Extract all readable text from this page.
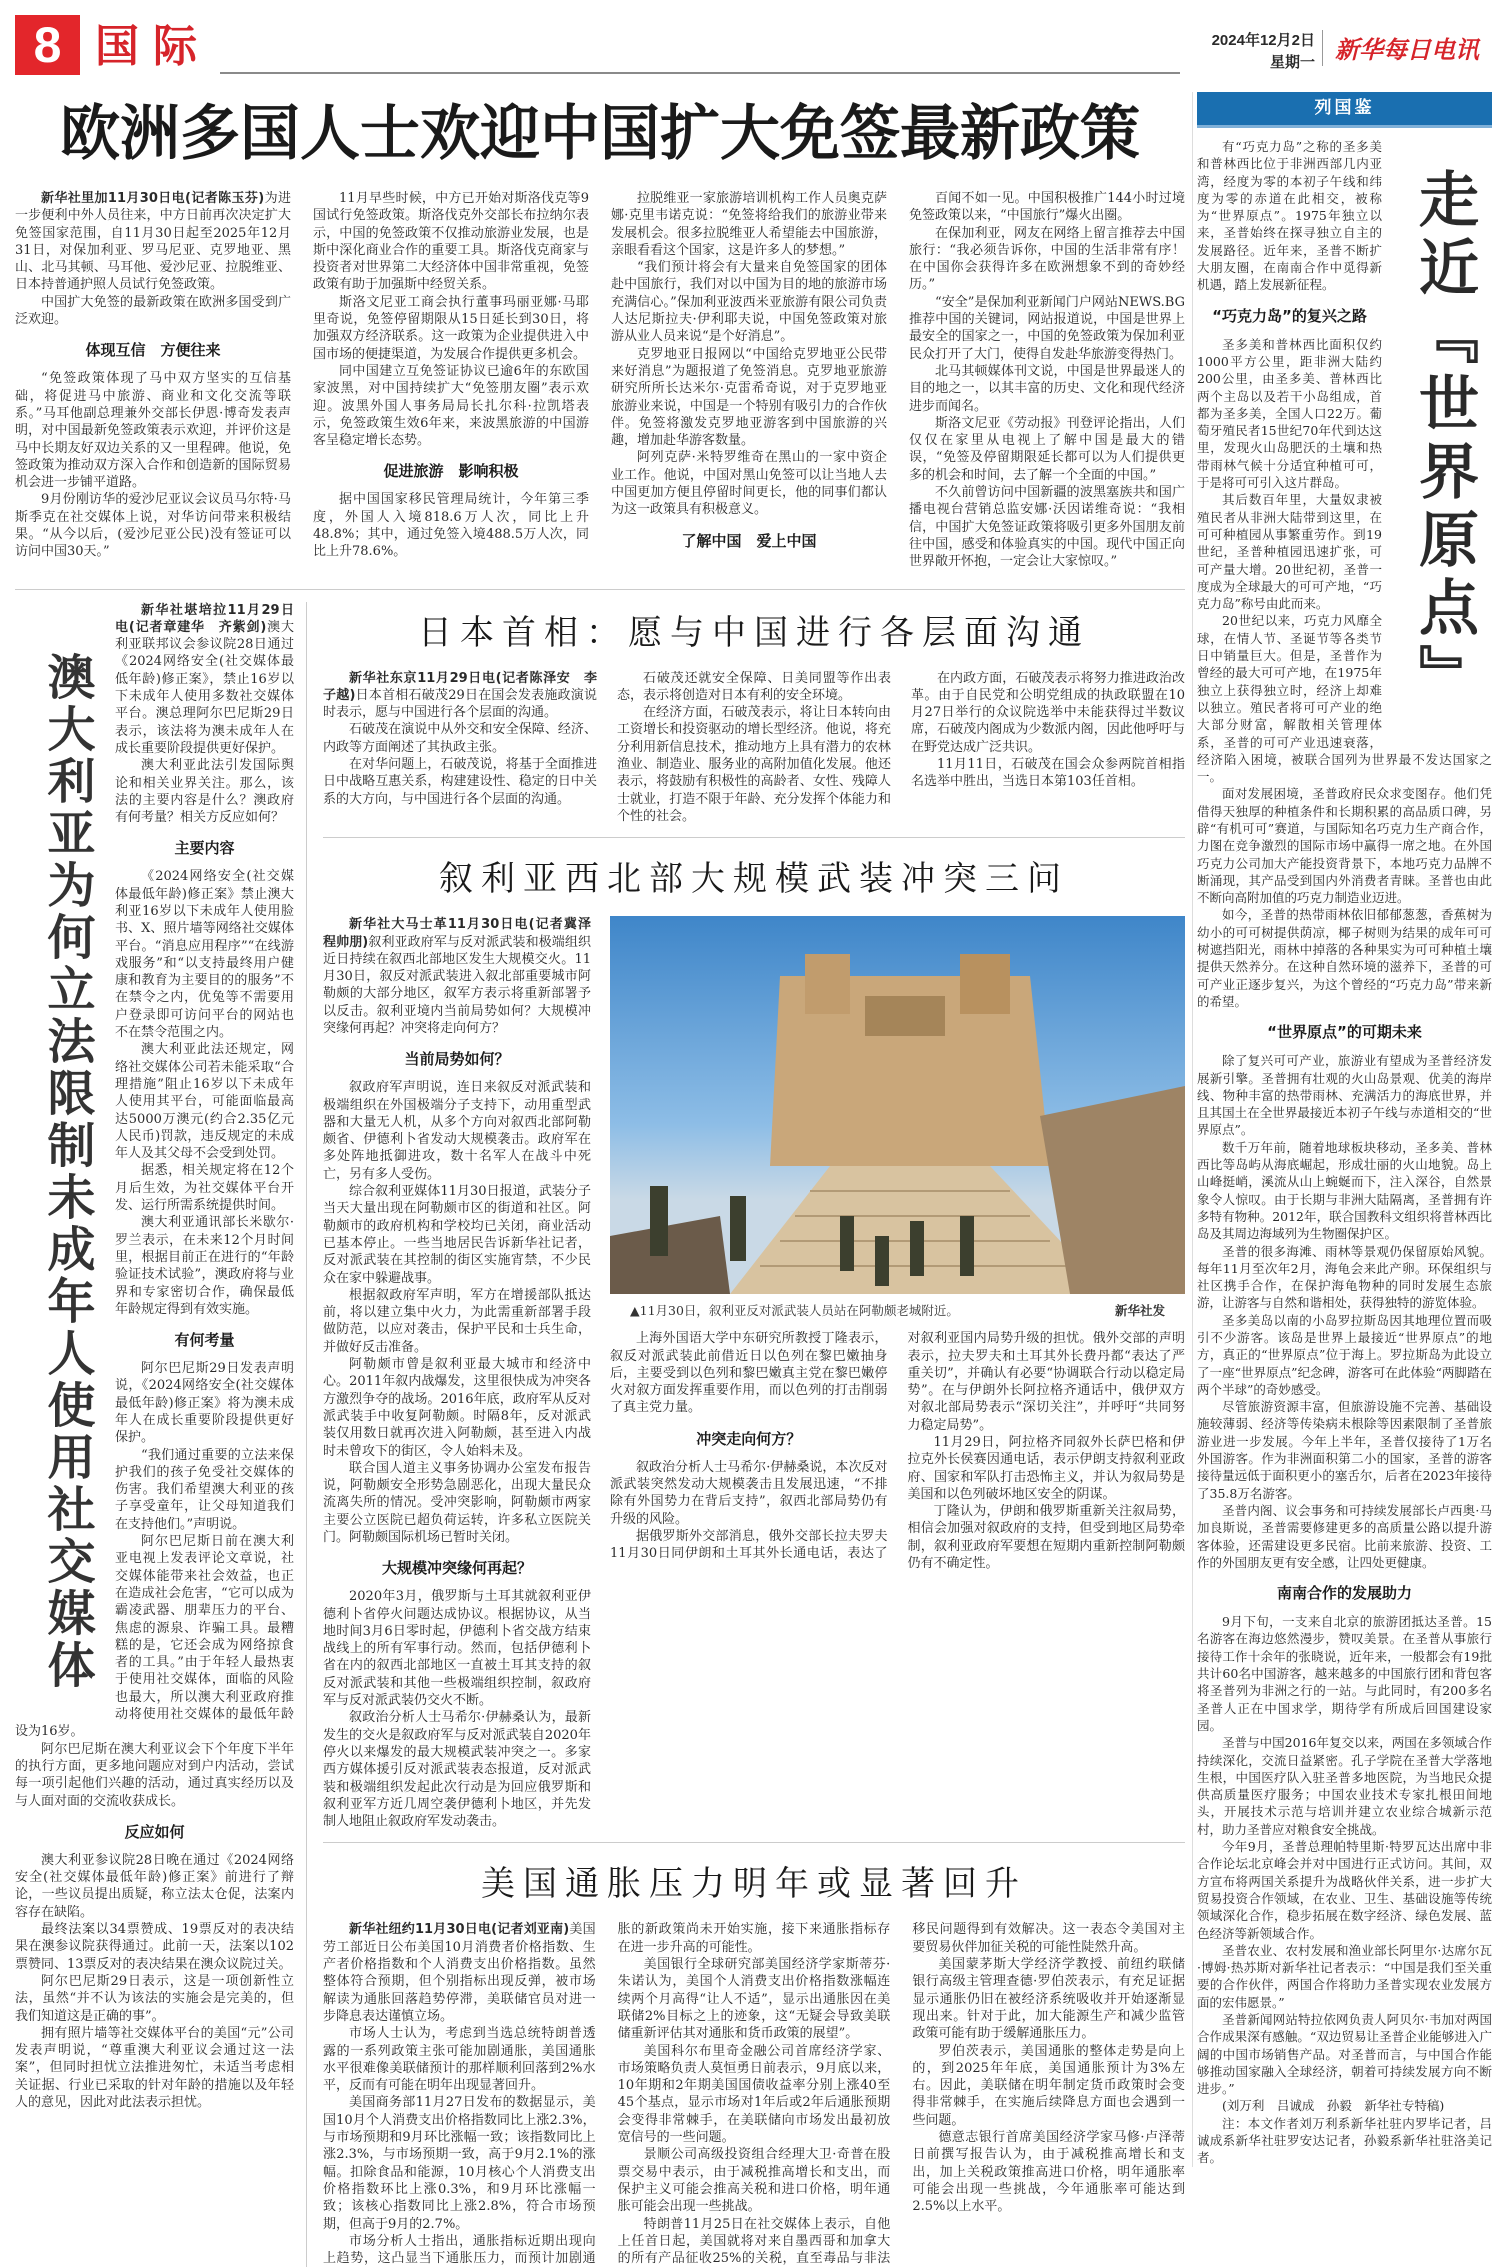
8 国际	2024年12月2日
星期一 新华每日电讯
欧洲多国人士欢迎中国扩大免签最新政策

新华社里加11月30日电(记者陈玉芬)为进一步便利中外人员往来，中方日前再次决定扩大免签国家范围，自11月30日起至2025年12月31日，对保加利亚、罗马尼亚、克罗地亚、黑山、北马其顿、马耳他、爱沙尼亚、拉脱维亚、日本持普通护照人员试行免签政策。

中国扩大免签的最新政策在欧洲多国受到广泛欢迎。

体现互信　方便往来

“免签政策体现了马中双方坚实的互信基础，将促进马中旅游、商业和文化交流等联系。”马耳他副总理兼外交部长伊恩·博奇发表声明，对中国最新免签政策表示欢迎，并评价这是马中长期友好双边关系的又一里程碑。他说，免签政策为推动双方深入合作和创造新的国际贸易机会进一步铺平道路。

9月份刚访华的爱沙尼亚议会议员马尔特·马斯季克在社交媒体上说，对华访问带来积极结果。“从今以后，(爱沙尼亚公民)没有签证可以访问中国30天。”

11月早些时候，中方已开始对斯洛伐克等9国试行免签政策。斯洛伐克外交部长布拉纳尔表示，中国的免签政策不仅推动旅游业发展，也是斯中深化商业合作的重要工具。斯洛伐克商家与投资者对世界第二大经济体中国非常重视，免签政策有助于加强斯中经贸关系。

斯洛文尼亚工商会执行董事玛丽亚娜·马耶里奇说，免签停留期限从15日延长到30日，将加强双方经济联系。这一政策为企业提供进入中国市场的便捷渠道，为发展合作提供更多机会。

同中国建立互免签证协议已逾6年的东欧国家波黑，对中国持续扩大“免签朋友圈”表示欢迎。波黑外国人事务局局长扎尔科·拉凯塔表示，免签政策生效6年来，来波黑旅游的中国游客呈稳定增长态势。

促进旅游　影响积极

据中国国家移民管理局统计，今年第三季度，外国人入境818.6万人次，同比上升48.8%；其中，通过免签入境488.5万人次，同比上升78.6%。

拉脱维亚一家旅游培训机构工作人员奥克萨娜·克里韦诺克说：“免签将给我们的旅游业带来发展机会。很多拉脱维亚人希望能去中国旅游，亲眼看看这个国家，这是许多人的梦想。”

“我们预计将会有大量来自免签国家的团体赴中国旅行，我们对以中国为目的地的旅游市场充满信心。”保加利亚波西米亚旅游有限公司负责人达尼斯拉夫·伊利耶夫说，中国免签政策对旅游从业人员来说“是个好消息”。

克罗地亚日报网以“中国给克罗地亚公民带来好消息”为题报道了免签消息。克罗地亚旅游研究所所长达米尔·克雷希奇说，对于克罗地亚旅游业来说，中国是一个特别有吸引力的合作伙伴。免签将激发克罗地亚游客到中国旅游的兴趣，增加赴华游客数量。

阿列克萨·米特罗维奇在黑山的一家中资企业工作。他说，中国对黑山免签可以让当地人去中国更加方便且停留时间更长，他的同事们都认为这一政策具有积极意义。

了解中国　爱上中国

百闻不如一见。中国积极推广144小时过境免签政策以来，“中国旅行”爆火出圈。

在保加利亚，网友在网络上留言推荐去中国旅行：“我必须告诉你，中国的生活非常有序！在中国你会获得许多在欧洲想象不到的奇妙经历。”

“安全”是保加利亚新闻门户网站NEWS.BG推荐中国的关键词，网站报道说，中国是世界上最安全的国家之一，中国的免签政策为保加利亚民众打开了大门，使得自发赴华旅游变得热门。

北马其顿媒体刊文说，中国是世界最迷人的目的地之一，以其丰富的历史、文化和现代经济进步而闻名。

斯洛文尼亚《劳动报》刊登评论指出，人们仅仅在家里从电视上了解中国是最大的错误，“免签及停留期限延长都可以为人们提供更多的机会和时间，去了解一个全面的中国。”

不久前曾访问中国新疆的波黑塞族共和国广播电视台营销总监安娜·沃因诺维奇说：“我相信，中国扩大免签证政策将吸引更多外国朋友前往中国，感受和体验真实的中国。现代中国正向世界敞开怀抱，一定会让大家惊叹。”

澳大利亚为何立法限制未成年人使用社交媒体

新华社堪培拉11月29日电(记者章建华　齐紫剑)澳大利亚联邦议会参议院28日通过《2024网络安全(社交媒体最低年龄)修正案》，禁止16岁以下未成年人使用多数社交媒体平台。澳总理阿尔巴尼斯29日表示，该法将为澳未成年人在成长重要阶段提供更好保护。

澳大利亚此法引发国际舆论和相关业界关注。那么，该法的主要内容是什么？澳政府有何考量？相关方反应如何？

主要内容

《2024网络安全(社交媒体最低年龄)修正案》禁止澳大利亚16岁以下未成年人使用脸书、X、照片墙等网络社交媒体平台。“消息应用程序”“在线游戏服务”和“以支持最终用户健康和教育为主要目的的服务”不在禁令之内，优兔等不需要用户登录即可访问平台的网站也不在禁令范围之内。

澳大利亚此法还规定，网络社交媒体公司若未能采取“合理措施”阻止16岁以下未成年人使用其平台，可能面临最高达5000万澳元(约合2.35亿元人民币)罚款，违反规定的未成年人及其父母不会受到处罚。

据悉，相关规定将在12个月后生效，为社交媒体平台开发、运行所需系统提供时间。

澳大利亚通讯部长米歇尔·罗兰表示，在未来12个月时间里，根据目前正在进行的“年龄验证技术试验”，澳政府将与业界和专家密切合作，确保最低年龄规定得到有效实施。

有何考量

阿尔巴尼斯29日发表声明说，《2024网络安全(社交媒体最低年龄)修正案》将为澳未成年人在成长重要阶段提供更好保护。

“我们通过重要的立法来保护我们的孩子免受社交媒体的伤害。我们希望澳大利亚的孩子享受童年，让父母知道我们在支持他们。”声明说。

阿尔巴尼斯日前在澳大利亚电视上发表评论文章说，社交媒体能带来社会效益，也正在造成社会危害，“它可以成为霸凌武器、朋辈压力的平台、焦虑的源泉、诈骗工具。最糟糕的是，它还会成为网络掠食者的工具。”由于年轻人最热衷于使用社交媒体，面临的风险也最大，所以澳大利亚政府推动将使用社交媒体的最低年龄设为16岁。

阿尔巴尼斯在澳大利亚议会下个年度下半年的执行方面，更多地问题应对到户内活动，尝试每一项引起他们兴趣的活动，通过真实经历以及与人面对面的交流收获成长。

反应如何

澳大利亚参议院28日晚在通过《2024网络安全(社交媒体最低年龄)修正案》前进行了辩论，一些议员提出质疑，称立法太仓促，法案内容存在缺陷。

最终法案以34票赞成、19票反对的表决结果在澳参议院获得通过。此前一天，法案以102票赞同、13票反对的表决结果在澳众议院过关。

阿尔巴尼斯29日表示，这是一项创新性立法，虽然“并不认为该法的实施会是完美的，但我们知道这是正确的事”。

拥有照片墙等社交媒体平台的美国“元”公司发表声明说，“尊重澳大利亚议会通过这一法案”，但同时担忧立法推进匆忙，未适当考虑相关证据、行业已采取的针对年龄的措施以及年轻人的意见，因此对此法表示担忧。

日本首相：愿与中国进行各层面沟通

新华社东京11月29日电(记者陈泽安　李子越)日本首相石破茂29日在国会发表施政演说时表示，愿与中国进行各个层面的沟通。

石破茂在演说中从外交和安全保障、经济、内政等方面阐述了其执政主张。

在对华问题上，石破茂说，将基于全面推进日中战略互惠关系，构建建设性、稳定的日中关系的大方向，与中国进行各个层面的沟通。

石破茂还就安全保障、日美同盟等作出表态，表示将创造对日本有利的安全环境。

在经济方面，石破茂表示，将让日本转向由工资增长和投资驱动的增长型经济。他说，将充分利用新信息技术，推动地方上具有潜力的农林渔业、制造业、服务业的高附加值化发展。他还表示，将鼓励有积极性的高龄者、女性、残障人士就业，打造不限于年龄、充分发挥个体能力和个性的社会。

在内政方面，石破茂表示将努力推进政治改革。由于自民党和公明党组成的执政联盟在10月27日举行的众议院选举中未能获得过半数议席，石破茂内阁成为少数派内阁，因此他呼吁与在野党达成广泛共识。

11月11日，石破茂在国会众参两院首相指名选举中胜出，当选日本第103任首相。

叙利亚西北部大规模武装冲突三问

新华社大马士革11月30日电(记者冀泽　程帅朋)叙利亚政府军与反对派武装和极端组织近日持续在叙西北部地区发生大规模交火。11月30日，叙反对派武装进入叙北部重要城市阿勒颇的大部分地区，叙军方表示将重新部署予以反击。叙利亚境内当前局势如何？大规模冲突缘何再起？冲突将走向何方？

当前局势如何？

叙政府军声明说，连日来叙反对派武装和极端组织在外国极端分子支持下，动用重型武器和大量无人机，从多个方向对叙西北部阿勒颇省、伊德利卜省发动大规模袭击。政府军在多处阵地抵御进攻，数十名军人在战斗中死亡，另有多人受伤。

综合叙利亚媒体11月30日报道，武装分子当天大量出现在阿勒颇市区的街道和社区。阿勒颇市的政府机构和学校均已关闭，商业活动已基本停止。一些当地居民告诉新华社记者，反对派武装在其控制的街区实施宵禁，不少民众在家中躲避战事。

根据叙政府军声明，军方在增援部队抵达前，将以建立集中火力，为此需重新部署手段做防范，以应对袭击，保护平民和士兵生命，并做好反击准备。

阿勒颇市曾是叙利亚最大城市和经济中心。2011年叙内战爆发，这里很快成为冲突各方激烈争夺的战场。2016年底，政府军从反对派武装手中收复阿勒颇。时隔8年，反对派武装仅用数日就再次进入阿勒颇，甚至进入内战时未曾攻下的街区，令人始料未及。

联合国人道主义事务协调办公室发布报告说，阿勒颇安全形势急剧恶化，出现大量民众流离失所的情况。受冲突影响，阿勒颇市两家主要公立医院已超负荷运转，许多私立医院关门。阿勒颇国际机场已暂时关闭。

大规模冲突缘何再起？

2020年3月，俄罗斯与土耳其就叙利亚伊德利卜省停火问题达成协议。根据协议，从当地时间3月6日零时起，伊德利卜省交战方结束战线上的所有军事行动。然而，包括伊德利卜省在内的叙西北部地区一直被土耳其支持的叙反对派武装和其他一些极端组织控制，叙政府军与反对派武装仍交火不断。

叙政治分析人士马希尔·伊赫桑认为，最新发生的交火是叙政府军与反对派武装自2020年停火以来爆发的最大规模武装冲突之一。多家西方媒体援引反对派武装表态报道，反对派武装和极端组织发起此次行动是为回应俄罗斯和叙利亚军方近几周空袭伊德利卜地区，并先发制人地阻止叙政府军发动袭击。

▲11月30日，叙利亚反对派武装人员站在阿勒颇老城附近。	新华社发

上海外国语大学中东研究所教授丁隆表示，叙反对派武装此前借近日以色列在黎巴嫩抽身后，主要受到以色列和黎巴嫩真主党在黎巴嫩停火对叙方面发挥重要作用，而以色列的打击削弱了真主党力量。

冲突走向何方？

叙政治分析人士马希尔·伊赫桑说，本次反对派武装突然发动大规模袭击且发展迅速，“不排除有外国势力在背后支持”，叙西北部局势仍有升级的风险。

据俄罗斯外交部消息，俄外交部长拉夫罗夫11月30日同伊朗和土耳其外长通电话，表达了对叙利亚国内局势升级的担忧。俄外交部的声明表示，拉夫罗夫和土耳其外长费丹都“表达了严重关切”，并确认有必要“协调联合行动以稳定局势”。在与伊朗外长阿拉格齐通话中，俄伊双方对叙北部局势表示“深切关注”，并呼吁“共同努力稳定局势”。

11月29日，阿拉格齐同叙外长萨巴格和伊拉克外长侯赛因通电话，表示伊朗支持叙利亚政府、国家和军队打击恐怖主义，并认为叙局势是美国和以色列破坏地区安全的阴谋。

丁隆认为，伊朗和俄罗斯重新关注叙局势，相信会加强对叙政府的支持，但受到地区局势牵制，叙利亚政府军要想在短期内重新控制阿勒颇仍有不确定性。

美国通胀压力明年或显著回升

新华社纽约11月30日电(记者刘亚南)美国劳工部近日公布美国10月消费者价格指数、生产者价格指数和个人消费支出价格指数。虽然整体符合预期，但个别指标出现反弹，被市场解读为通胀回落趋势停滞，美联储官员对进一步降息表达谨慎立场。

市场人士认为，考虑到当选总统特朗普透露的一系列政策主张可能加剧通胀，美国通胀水平很难像美联储预计的那样顺利回落到2%水平，反而有可能在明年出现显著回升。

美国商务部11月27日发布的数据显示，美国10月个人消费支出价格指数同比上涨2.3%，与市场预期和9月环比涨幅一致；该指数同比上涨2.3%，与市场预期一致，高于9月2.1%的涨幅。扣除食品和能源，10月核心个人消费支出价格指数环比上涨0.3%，和9月环比涨幅一致；该核心指数同比上涨2.8%，符合市场预期，但高于9月的2.7%。

市场分析人士指出，通胀指标近期出现向上趋势，这凸显当下通胀压力，而预计加剧通胀的新政策尚未开始实施，接下来通胀指标存在进一步升高的可能性。

美国银行全球研究部美国经济学家斯蒂芬·朱诺认为，美国个人消费支出价格指数涨幅连续两个月高得“让人不适”，显示出通胀因在美联储2%目标之上的迹象，这“无疑会导致美联储重新评估其对通胀和货币政策的展望”。

美国科尔布里奇金融公司首席经济学家、市场策略负责人莫恒勇日前表示，9月底以来，10年期和2年期美国国债收益率分别上涨40至45个基点，显示市场对1年后或2年后通胀预期会变得非常棘手，在美联储向市场发出最初放宽信号的一些问题。

景顺公司高级投资组合经理大卫·奇普在股票交易中表示，由于减税推高增长和支出，而保护主义可能会推高关税和进口价格，明年通胀可能会出现一些挑战。

特朗普11月25日在社交媒体上表示，自他上任首日起，美国就将对来自墨西哥和加拿大的所有产品征收25%的关税，直至毒品与非法移民问题得到有效解决。这一表态令美国对主要贸易伙伴加征关税的可能性陡然升高。

美国蒙茅斯大学经济学教授、前纽约联储银行高级主管理查德·罗伯茨表示，有充足证据显示通胀仍旧在被经济系统吸收并开始逐渐显现出来。针对于此，加大能源生产和减少监管政策可能有助于缓解通胀压力。

罗伯茨表示，美国通胀的整体走势是向上的，到2025年年底，美国通胀预计为3%左右。因此，美联储在明年制定货币政策时会变得非常棘手，在实施后续降息方面也会遇到一些问题。

德意志银行首席美国经济学家马修·卢泽蒂日前撰写报告认为，由于减税推高增长和支出，加上关税政策推高进口价格，明年通胀率可能会出现一些挑战，今年通胀率可能达到2.5%以上水平。

列国鉴
走近『世界原点』

有“巧克力岛”之称的圣多美和普林西比位于非洲西部几内亚湾，经度为零的本初子午线和纬度为零的赤道在此相交，被称为“世界原点”。1975年独立以来，圣普始终在探寻独立自主的发展路径。近年来，圣普不断扩大朋友圈，在南南合作中觅得新机遇，踏上发展新征程。

“巧克力岛”的复兴之路

圣多美和普林西比面积仅约1000平方公里，距非洲大陆约200公里，由圣多美、普林西比两个主岛以及若干小岛组成，首都为圣多美，全国人口22万。葡萄牙殖民者15世纪70年代到达这里，发现火山岛肥沃的土壤和热带雨林气候十分适宜种植可可，于是将可可引入这片群岛。

其后数百年里，大量奴隶被殖民者从非洲大陆带到这里，在可可种植园从事繁重劳作。到19世纪，圣普种植园迅速扩张，可可产量大增。20世纪初，圣普一度成为全球最大的可可产地，“巧克力岛”称号由此而来。

20世纪以来，巧克力风靡全球，在情人节、圣诞节等各类节日中销量巨大。但是，圣普作为曾经的最大可可产地，在1975年独立上获得独立时，经济上却难以独立。殖民者将可可产业的绝大部分财富，解散相关管理体系，圣普的可可产业迅速衰落，经济陷入困境，被联合国列为世界最不发达国家之一。

面对发展困境，圣普政府民众求变图存。他们凭借得天独厚的种植条件和长期积累的高品质口碑，另辟“有机可可”赛道，与国际知名巧克力生产商合作，力图在竞争激烈的国际市场中赢得一席之地。在外国巧克力公司加大产能投资背景下，本地巧克力品牌不断涌现，其产品受到国内外消费者青睐。圣普也由此不断向高附加值的巧克力制造业迈进。

如今，圣普的热带雨林依旧郁郁葱葱，香蕉树为幼小的可可树提供荫凉，椰子树则为结果的成年可可树遮挡阳光，雨林中掉落的各种果实为可可种植土壤提供天然养分。在这种自然环境的滋养下，圣普的可可产业正逐步复兴，为这个曾经的“巧克力岛”带来新的希望。

“世界原点”的可期未来

除了复兴可可产业，旅游业有望成为圣普经济发展新引擎。圣普拥有壮观的火山岛景观、优美的海岸线、物种丰富的热带雨林、充满活力的海底世界，并且其国土在全世界最接近本初子午线与赤道相交的“世界原点”。

数千万年前，随着地球板块移动，圣多美、普林西比等岛屿从海底崛起，形成壮丽的火山地貌。岛上山峰挺峭，溪流从山上蜿蜒而下，注入深谷，自然景象令人惊叹。由于长期与非洲大陆隔离，圣普拥有许多特有物种。2012年，联合国教科文组织将普林西比岛及其周边海域列为生物圈保护区。

圣普的很多海滩、雨林等景观仍保留原始风貌。每年11月至次年2月，海龟会来此产卵。环保组织与社区携手合作，在保护海龟物种的同时发展生态旅游，让游客与自然和谐相处，获得独特的游览体验。

圣多美岛以南的小岛罗拉斯岛因其地理位置而吸引不少游客。该岛是世界上最接近“世界原点”的地方，真正的“世界原点”位于海上。罗拉斯岛为此设立了一座“世界原点”纪念碑，游客可在此体验“两脚踏在两个半球”的奇妙感受。

尽管旅游资源丰富，但旅游设施不完善、基础设施较薄弱、经济等传染病未根除等因素限制了圣普旅游业进一步发展。今年上半年，圣普仅接待了1万名外国游客。作为非洲面积第二小的国家，圣普的游客接待量远低于面积更小的塞舌尔，后者在2023年接待了35.8万名游客。

圣普内阁、议会事务和可持续发展部长卢西奥·马加良斯说，圣普需要修建更多的高质量公路以提升游客体验，还需建设更多民宿。比前来旅游、投资、工作的外国朋友更有安全感，让四处更健康。

南南合作的发展助力

9月下旬，一支来自北京的旅游团抵达圣普。15名游客在海边悠然漫步，赞叹美景。在圣普从事旅行接待工作十余年的张晓说，近年来，一般都会有19批共计60名中国游客，越来越多的中国旅行团和背包客将圣普列为非洲之行的一站。与此同时，有200多名圣普人正在中国求学，期待学有所成后回国建设家园。

圣普与中国2016年复交以来，两国在多领域合作持续深化，交流日益紧密。孔子学院在圣普大学落地生根，中国医疗队入驻圣普多地医院，为当地民众提供高质量医疗服务；中国农业技术专家扎根田间地头，开展技术示范与培训并建立农业综合城新示范村，助力圣普应对粮食安全挑战。

今年9月，圣普总理帕特里斯·特罗瓦达出席中非合作论坛北京峰会并对中国进行正式访问。其间，双方宣布将两国关系提升为战略伙伴关系，进一步扩大贸易投资合作领域，在农业、卫生、基础设施等传统领域深化合作，稳步拓展在数字经济、绿色发展、蓝色经济等新领域合作。

圣普农业、农村发展和渔业部长阿里尔·达席尔瓦·博姆·热苏斯对新华社记者表示：“中国是我们至关重要的合作伙伴，两国合作将助力圣普实现农业发展方面的宏伟愿景。”

圣普新闻网站特拉依网负责人阿贝尔·韦加对两国合作成果深有感触。“双边贸易让圣普企业能够进入广阔的中国市场销售产品。对圣普而言，与中国合作能够推动国家融入全球经济，朝着可持续发展方向不断进步。”

(刘万利　吕诚成　孙毅　新华社专特稿)

注：本文作者刘万利系新华社驻内罗毕记者，吕诚成系新华社驻罗安达记者，孙毅系新华社驻洛美记者。
